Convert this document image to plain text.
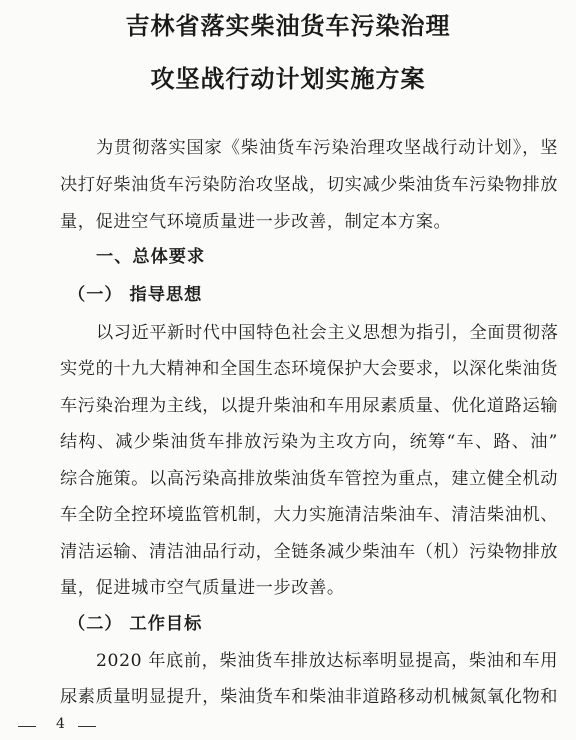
吉林省落实柴油货车污染治理
攻坚战行动计划实施方案
为贯彻落实国家《柴油货车污染治理攻坚战行动计划》，坚
决打好柴油货车污染防治攻坚战，切实减少柴油货车污染物排放
量，促进空气环境质量进一步改善，制定本方案。
一、总体要求
（一） 指导思想
以习近平新时代中国特色社会主义思想为指引，全面贯彻落
实党的十九大精神和全国生态环境保护大会要求，以深化柴油货
车污染治理为主线，以提升柴油和车用尿素质量、优化道路运输
结构、减少柴油货车排放污染为主攻方向，统筹“车、路、油”
综合施策。以高污染高排放柴油货车管控为重点，建立健全机动
车全防全控环境监管机制，大力实施清洁柴油车、清洁柴油机、
清洁运输、清洁油品行动，全链条减少柴油车（机）污染物排放
量，促进城市空气质量进一步改善。
（二） 工作目标
2020 年底前，柴油货车排放达标率明显提高，柴油和车用
尿素质量明显提升，柴油货车和柴油非道路移动机械氮氧化物和
4
